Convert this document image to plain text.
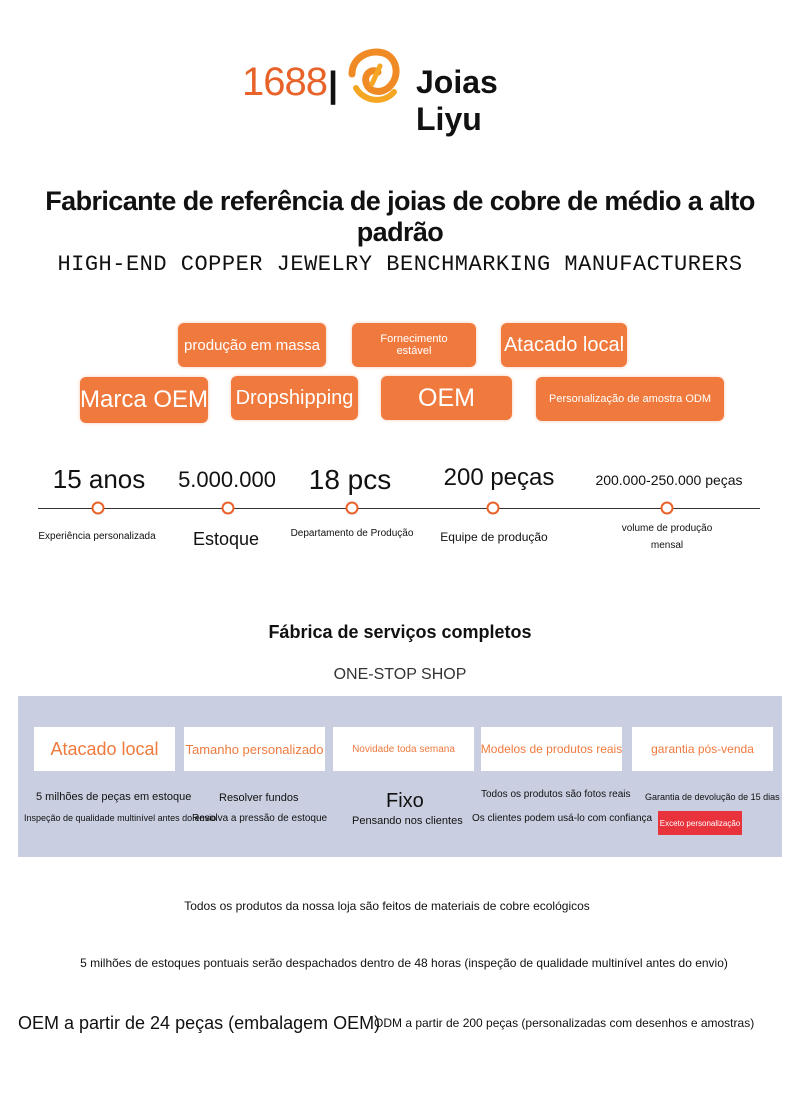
1688 | Joias Liyu
Fabricante de referência de joias de cobre de médio a alto padrão
HIGH-END COPPER JEWELRY BENCHMARKING MANUFACTURERS
produção em massa	Fornecimento estável	Atacado local
Marca OEM Dropshipping	OEM	Personalização de amostra ODM
15 anos
Experiência personalizada
5.000.000
Estoque
18 pcs
Departamento de Produção
200 peças
Equipe de produção
200.000-250.000 peças
volume de produção
mensal
Fábrica de serviços completos
ONE-STOP SHOP
Atacado local	Tamanho personalizado	Novidade toda semana	Modelos de produtos reais	garantia pós-venda
5 milhões de peças em estoque
Inspeção de qualidade multinível antes do envio
Resolver fundos
Resolva a pressão de estoque
Fixo
Pensando nos clientes
Todos os produtos são fotos reais
Os clientes podem usá-lo com confiança
Garantia de devolução de 15 dias
Exceto personalização
Todos os produtos da nossa loja são feitos de materiais de cobre ecológicos
5 milhões de estoques pontuais serão despachados dentro de 48 horas (inspeção de qualidade multinível antes do envio)
OEM a partir de 24 peças (embalagem OEM)
ODM a partir de 200 peças (personalizadas com desenhos e amostras)
